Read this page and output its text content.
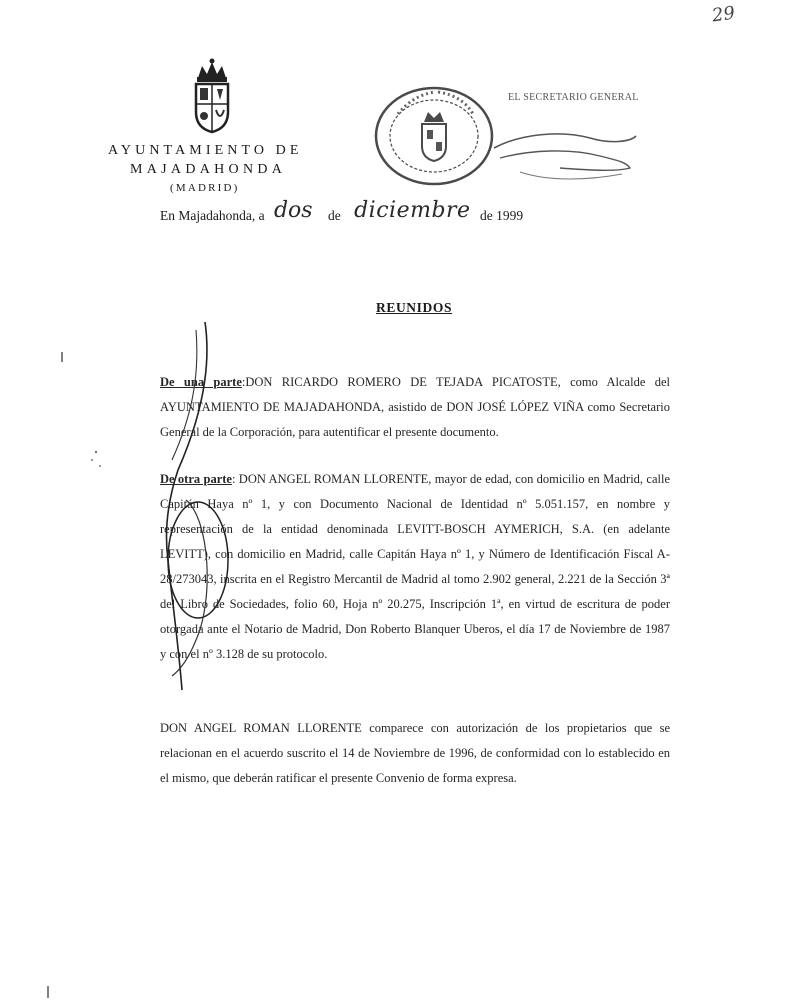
29
AYUNTAMIENTO DE
MAJADAHONDA
(MADRID)
EL SECRETARIO GENERAL
En Majadahonda, a dos de diciembre de 1999
REUNIDOS
De una parte:DON RICARDO ROMERO DE TEJADA PICATOSTE, como Alcalde del AYUNTAMIENTO DE MAJADAHONDA, asistido de DON JOSÉ LÓPEZ VIÑA como Secretario General de la Corporación, para autentificar el presente documento.
De otra parte: DON ANGEL ROMAN LLORENTE, mayor de edad, con domicilio en Madrid, calle Capitán Haya nº 1, y con Documento Nacional de Identidad nº 5.051.157, en nombre y representación de la entidad denominada LEVITT-BOSCH AYMERICH, S.A. (en adelante LEVITT), con domicilio en Madrid, calle Capitán Haya nº 1, y Número de Identificación Fiscal A-28/273043, inscrita en el Registro Mercantil de Madrid al tomo 2.902 general, 2.221 de la Sección 3ª del Libro de Sociedades, folio 60, Hoja nº 20.275, Inscripción 1ª, en virtud de escritura de poder otorgada ante el Notario de Madrid, Don Roberto Blanquer Uberos, el día 17 de Noviembre de 1987 y con el nº 3.128 de su protocolo.
DON ANGEL ROMAN LLORENTE comparece con autorización de los propietarios que se relacionan en el acuerdo suscrito el 14 de Noviembre de 1996, de conformidad con lo establecido en el mismo, que deberán ratificar el presente Convenio de forma expresa.
